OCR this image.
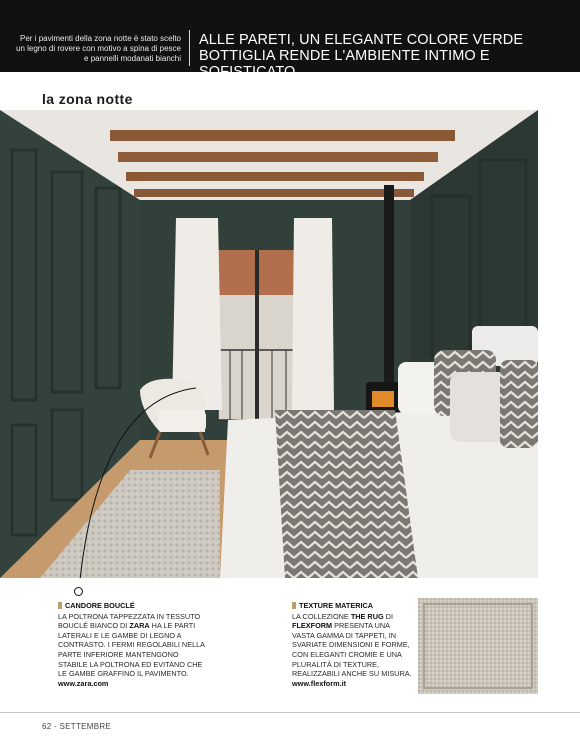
Per i pavimenti della zona notte è stato scelto un legno di rovere con motivo a spina di pesce e pannelli modanati bianchi
ALLE PARETI, UN ELEGANTE COLORE VERDE BOTTIGLIA RENDE L'AMBIENTE INTIMO E SOFISTICATO
la zona notte
CANDORE BOUCLÉ
LA POLTRONA TAPPEZZATA IN TESSUTO BOUCLÉ BIANCO DI ZARA HA LE PARTI LATERALI E LE GAMBE DI LEGNO A CONTRASTO. I FERMI REGOLABILI NELLA PARTE INFERIORE MANTENGONO STABILE LA POLTRONA ED EVITANO CHE LE GAMBE GRAFFINO IL PAVIMENTO.
www.zara.com
TEXTURE MATERICA
LA COLLEZIONE THE RUG DI FLEXFORM PRESENTA UNA VASTA GAMMA DI TAPPETI, IN SVARIATE DIMENSIONI E FORME, CON ELEGANTI CROMIE E UNA PLURALITÀ DI TEXTURE, REALIZZABILI ANCHE SU MISURA.
www.flexform.it
62 - SETTEMBRE
